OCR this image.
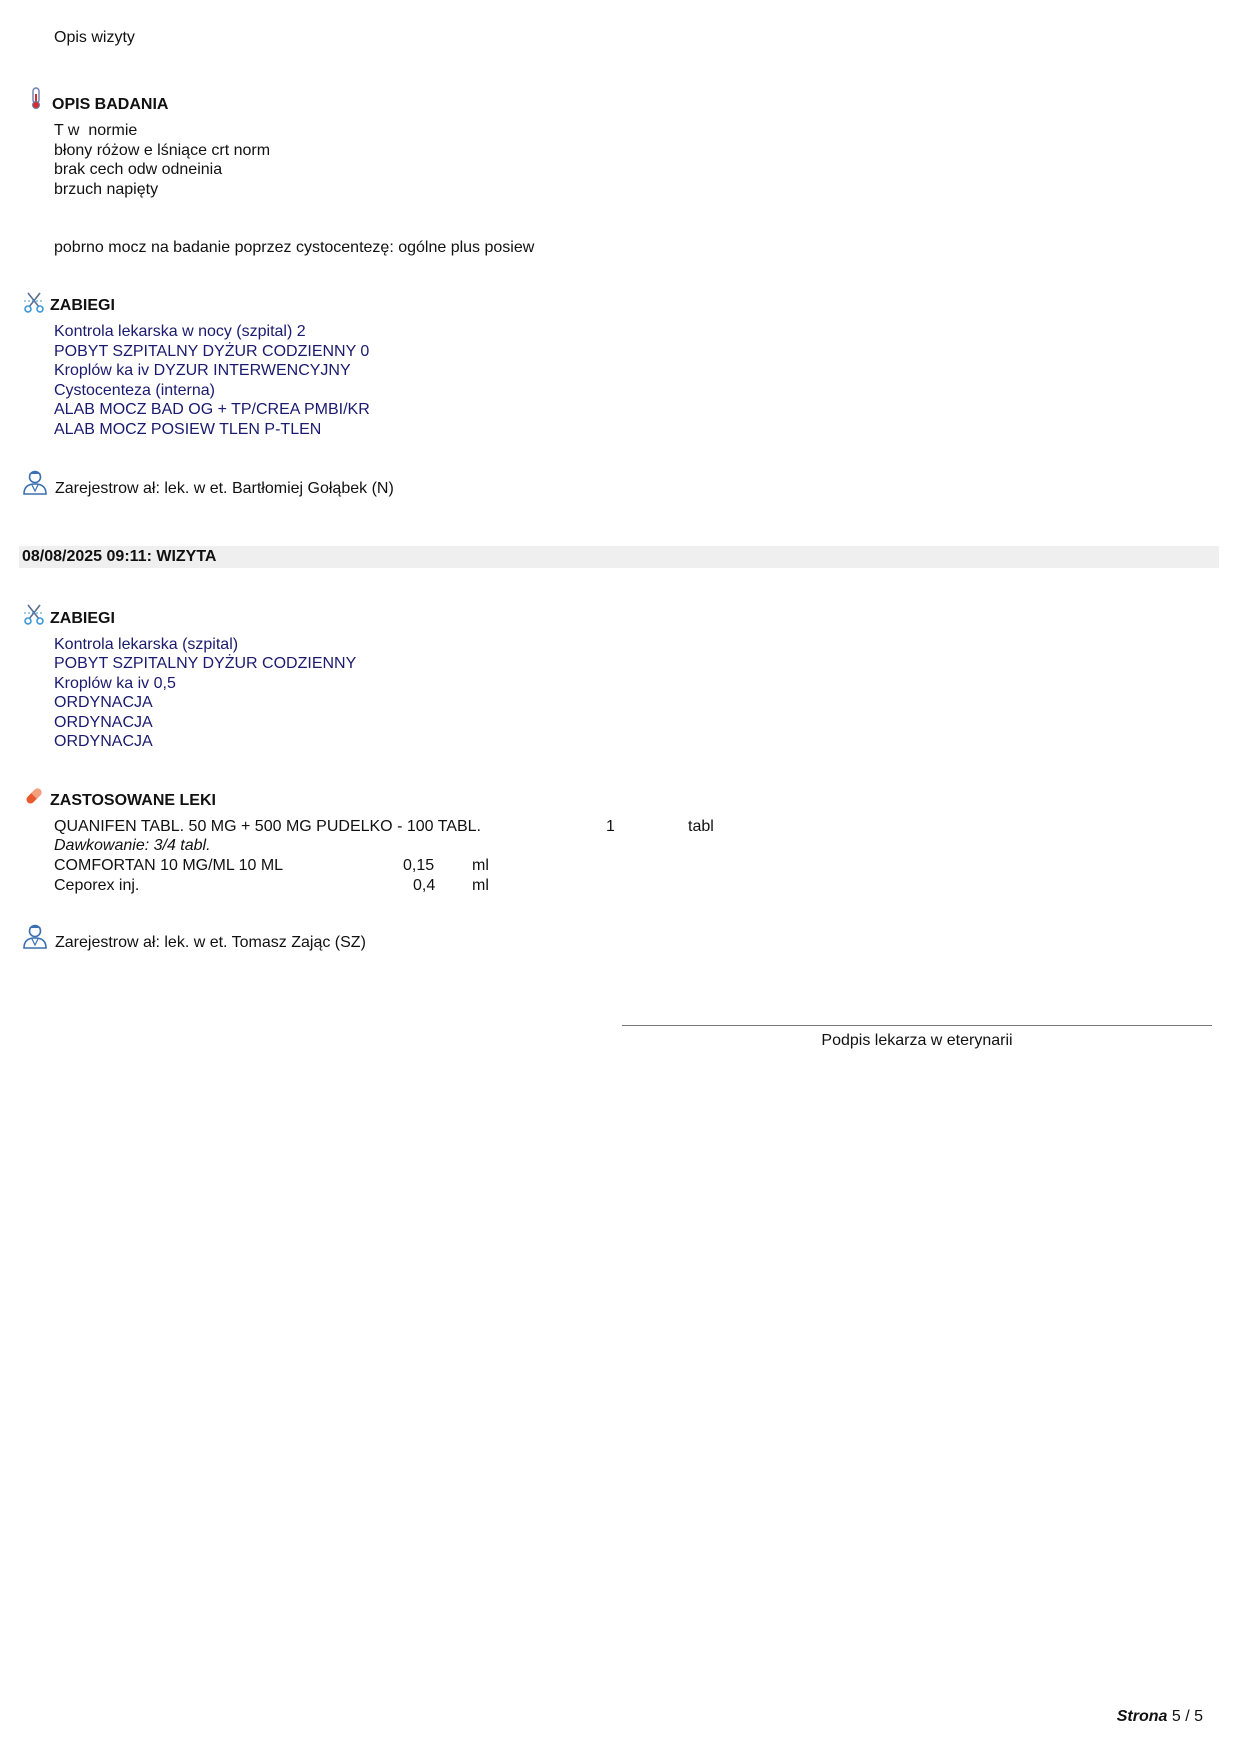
Opis wizyty
OPIS BADANIA
T w  normie
błony różow e lśniące crt norm
brak cech odw odneinia
brzuch napięty
pobrno mocz na badanie poprzez cystocentezę: ogólne plus posiew
ZABIEGI
Kontrola lekarska w nocy (szpital) 2
POBYT SZPITALNY DYŻUR CODZIENNY 0
Kroplów ka iv DYZUR INTERWENCYJNY
Cystocenteza (interna)
ALAB MOCZ BAD OG + TP/CREA PMBI/KR
ALAB MOCZ POSIEW TLEN P-TLEN
Zarejestrow ał: lek. w et. Bartłomiej Gołąbek (N)
08/08/2025 09:11: WIZYTA
ZABIEGI
Kontrola lekarska (szpital)
POBYT SZPITALNY DYŻUR CODZIENNY
Kroplów ka iv 0,5
ORDYNACJA
ORDYNACJA
ORDYNACJA
ZASTOSOWANE LEKI
QUANIFEN TABL. 50 MG + 500 MG PUDELKO - 100 TABL.	1	tabl
Dawkowanie: 3/4 tabl.
COMFORTAN 10 MG/ML 10 ML	0,15 ml
Ceporex inj.	0,4 ml
Zarejestrow ał: lek. w et. Tomasz Zając (SZ)
Podpis lekarza w eterynarii
Strona 5 / 5
